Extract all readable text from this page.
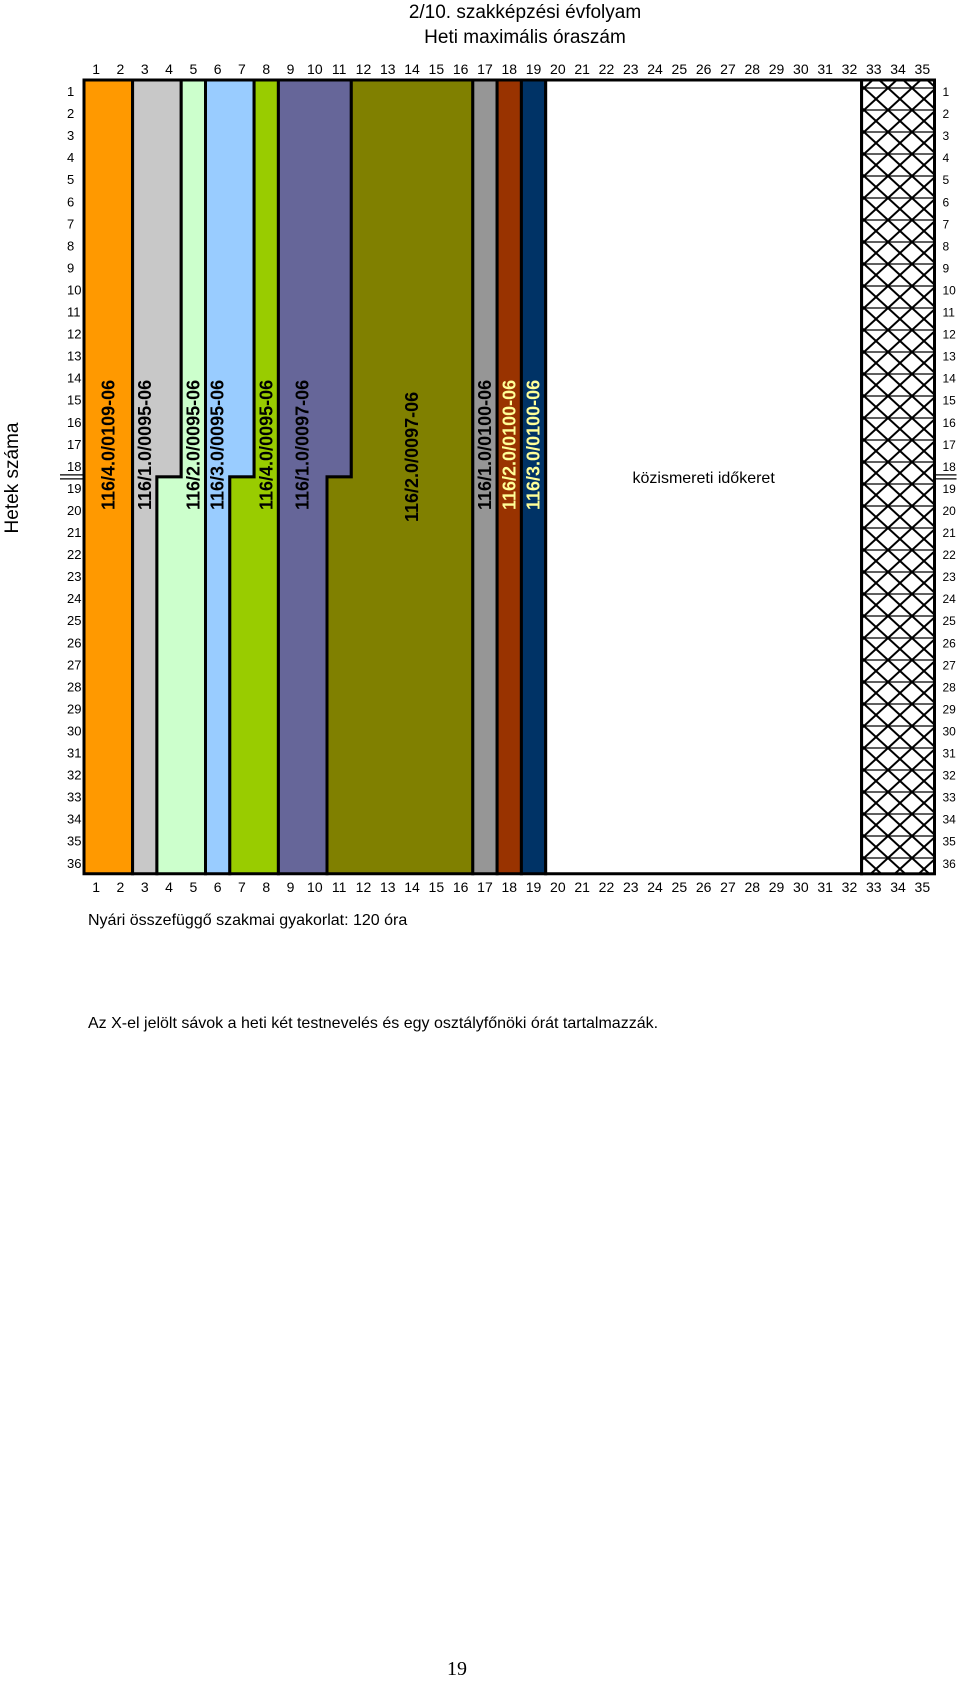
2/10. szakképzési évfolyam
Heti maximális óraszám
Hetek száma
1 2 3 4 5 6 7 8 9 10 11 12 13 14 15 16 17 18 19 20 21 22 23 24 25 26 27 28 29 30 31 32 33 34 35
1 2 3 4 5 6 7 8 9 10 11 12 13 14 15 16 17 18 19 20 21 22 23 24 25 26 27 28 29 30 31 32 33 34 35
1
2
3
4
5
6
7
8
9
10
11
12
13
14
15
16
17
18
19
20
21
22
23
24
25
26
27
28
29
30
31
32
33
34
35
36
1
2
3
4
5
6
7
8
9
10
11
12
13
14
15
16
17
18
19
20
21
22
23
24
25
26
27
28
29
30
31
32
33
34
35
36
116/4.0/0109-06 116/1.0/0095-06 116/2.0/0095-06 116/3.0/0095-06 116/4.0/0095-06 116/1.0/0097-06	116/2.0/0097-06	116/1.0/0100-06 116/2.0/0100-06 116/3.0/0100-06	közismereti időkeret
Nyári összefüggő szakmai gyakorlat: 120 óra
Az X-el jelölt sávok a heti két testnevelés és egy osztályfőnöki órát tartalmazzák.
19
